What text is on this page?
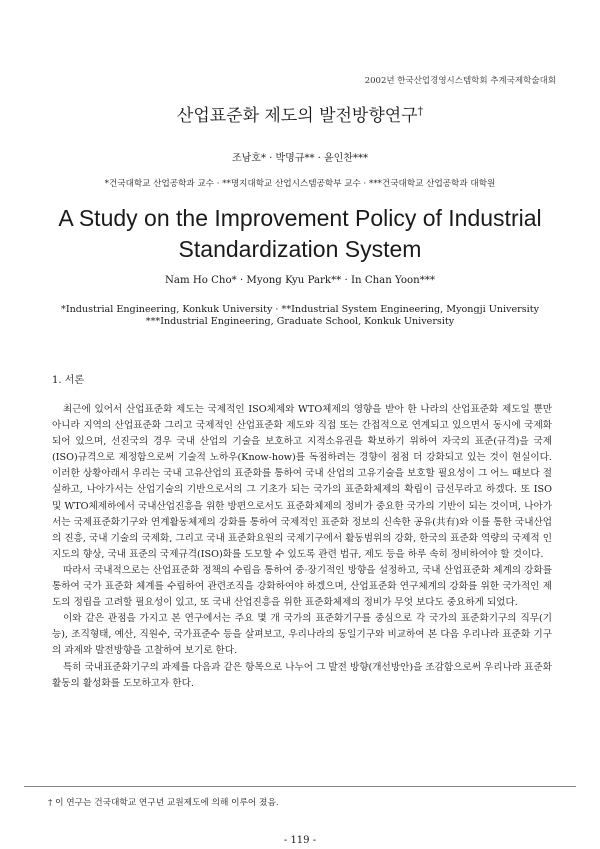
2002년 한국산업경영시스템학회 추계국제학술대회
산업표준화 제도의 발전방향연구†
조남호* · 박명규** · 윤인찬***
*건국대학교 산업공학과 교수 · **명지대학교 산업시스템공학부 교수 · ***건국대학교 산업공학과 대학원
A Study on the Improvement Policy of Industrial
Standardization System
Nam Ho Cho* · Myong Kyu Park** · In Chan Yoon***
*Industrial Engineering, Konkuk University · **Industrial System Engineering, Myongji University
***Industrial Engineering, Graduate School, Konkuk University
1. 서론

최근에 있어서 산업표준화 제도는 국제적인 ISO체제와 WTO체제의 영향을 받아 한 나라의 산업표준화 제도일 뿐만 아니라 지역의 산업표준화 그리고 국제적인 산업표준화 제도와 직접 또는 간접적으로 연계되고 있으면서 동시에 국제화되어 있으며, 선진국의 경우 국내 산업의 기술을 보호하고 지적소유권을 확보하기 위하여 자국의 표준(규격)을 국제(ISO)규격으로 제정함으로써 기술적 노하우(Know-how)를 독점하려는 경향이 점점 더 강화되고 있는 것이 현실이다. 이러한 상황아래서 우리는 국내 고유산업의 표준화를 통하여 국내 산업의 고유기술을 보호할 필요성이 그 어느 때보다 절실하고, 나아가서는 산업기술의 기반으로서의 그 기초가 되는 국가의 표준화체제의 확립이 급선무라고 하겠다. 또 ISO 및 WTO체제하에서 국내산업진흥을 위한 방편으로서도 표준화체제의 정비가 중요한 국가의 기반이 되는 것이며, 나아가서는 국제표준화기구와 연계활동체제의 강화를 통하여 국제적인 표준화 정보의 신속한 공유(共有)와 이를 통한 국내산업의 진흥, 국내 기술의 국제화, 그리고 국내 표준화요원의 국제기구에서 활동범위의 강화, 한국의 표준화 역량의 국제적 인지도의 향상, 국내 표준의 국제규격(ISO)화를 도모할 수 있도록 관련 법규, 제도 등을 하루 속히 정비하여야 할 것이다.

따라서 국내적으로는 산업표준화 정책의 수립을 통하여 중·장기적인 방향을 설정하고, 국내 산업표준화 체계의 강화를 통하여 국가 표준화 체계를 수립하여 관련조직을 강화하여야 하겠으며, 산업표준화 연구체계의 강화를 위한 국가적인 제도의 정립을 고려할 필요성이 있고, 또 국내 산업진흥을 위한 표준화체제의 정비가 무엇 보다도 중요하게 되었다.

이와 같은 관점을 가지고 본 연구에서는 주요 몇 개 국가의 표준화기구를 중심으로 각 국가의 표준화기구의 직무(기능), 조직형태, 예산, 직원수, 국가표준수 등을 살펴보고, 우리나라의 동일기구와 비교하여 본 다음 우리나라 표준화 기구의 과제와 발전방향을 고찰하여 보기로 한다.

특히 국내표준화기구의 과제를 다음과 같은 항목으로 나누어 그 발전 방향(개선방안)을 조감함으로써 우리나라 표준화 활동의 활성화를 도모하고자 한다.

† 이 연구는 건국대학교 연구년 교원제도에 의해 이루어 졌음.
- 119 -
